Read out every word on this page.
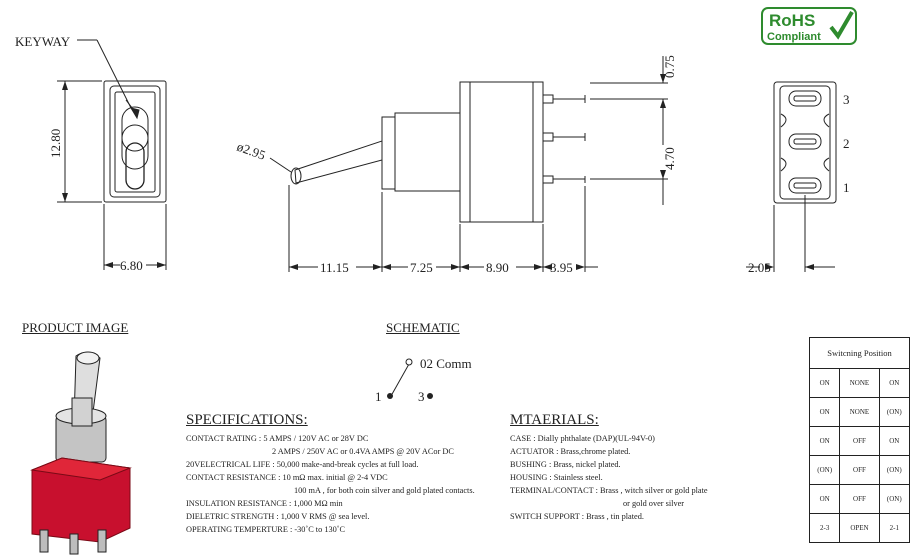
KEYWAY
12.80
6.80
ø2.95
11.15	7.25	8.90	3.95
0.75
4.70
2.05
3
2
1
02 Comm
1	3
RoHS
Compliant
PRODUCT IMAGE	SCHEMATIC
SPECIFICATIONS:
CONTACT RATING : 5 AMPS / 120V AC or 28V DC
2 AMPS / 250V AC or 0.4VA AMPS @ 20V ACor DC
20VELECTRICAL LIFE : 50,000 make-and-break cycles at full load.
CONTACT RESISTANCE : 10 mΩ max. initial @ 2-4 VDC
100 mA , for both coin silver and gold plated contacts.
INSULATION RESISTANCE : 1,000 MΩ min
DIELETRIC STRENGTH : 1,000 V RMS @ sea level.
OPERATING TEMPERTURE : -30˚C to 130˚C
MTAERIALS:
CASE : Dially phthalate (DAP)(UL-94V-0)
ACTUATOR : Brass,chrome plated.
BUSHING : Brass, nickel plated.
HOUSING : Stainless steel.
TERMINAL/CONTACT : Brass , witch silver or gold plate
or gold over silver
SWITCH SUPPORT : Brass , tin plated.
Switcning Position		
ON	NONE	ON
ON	NONE	(ON)
ON	OFF	ON
(ON)	OFF	(ON)
ON	OFF	(ON)
2-3	OPEN	2-1
